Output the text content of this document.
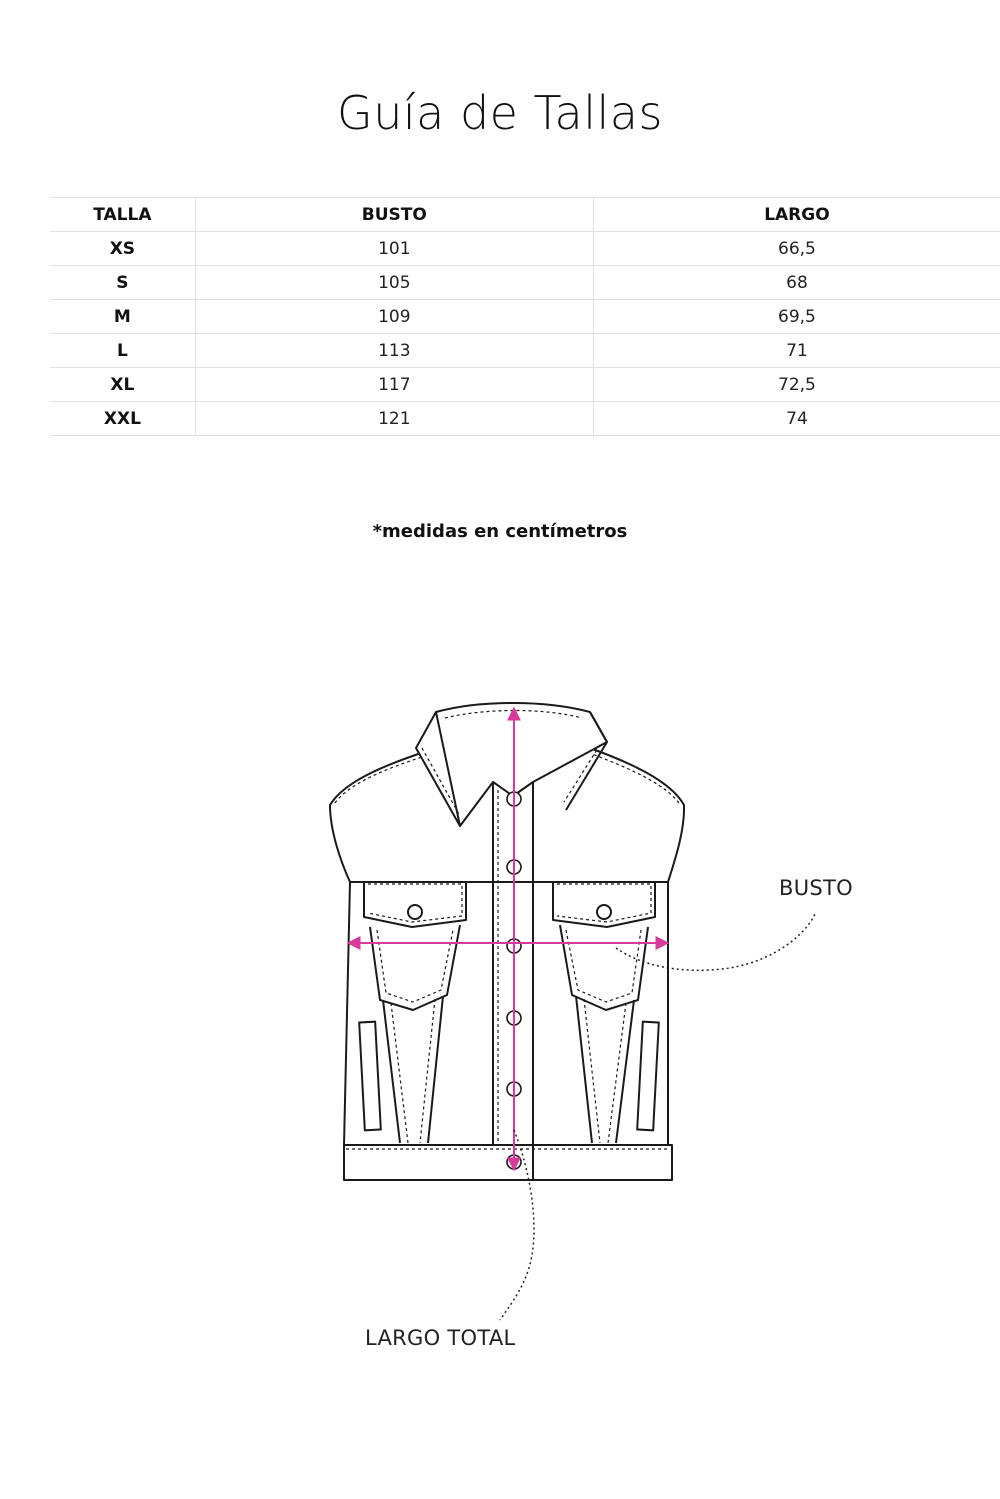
Guía de Tallas
TALLA	BUSTO	LARGO
XS	101	66,5
S	105	68
M	109	69,5
L	113	71
XL	117	72,5
XXL	121	74
*medidas en centímetros
BUSTO
LARGO TOTAL
